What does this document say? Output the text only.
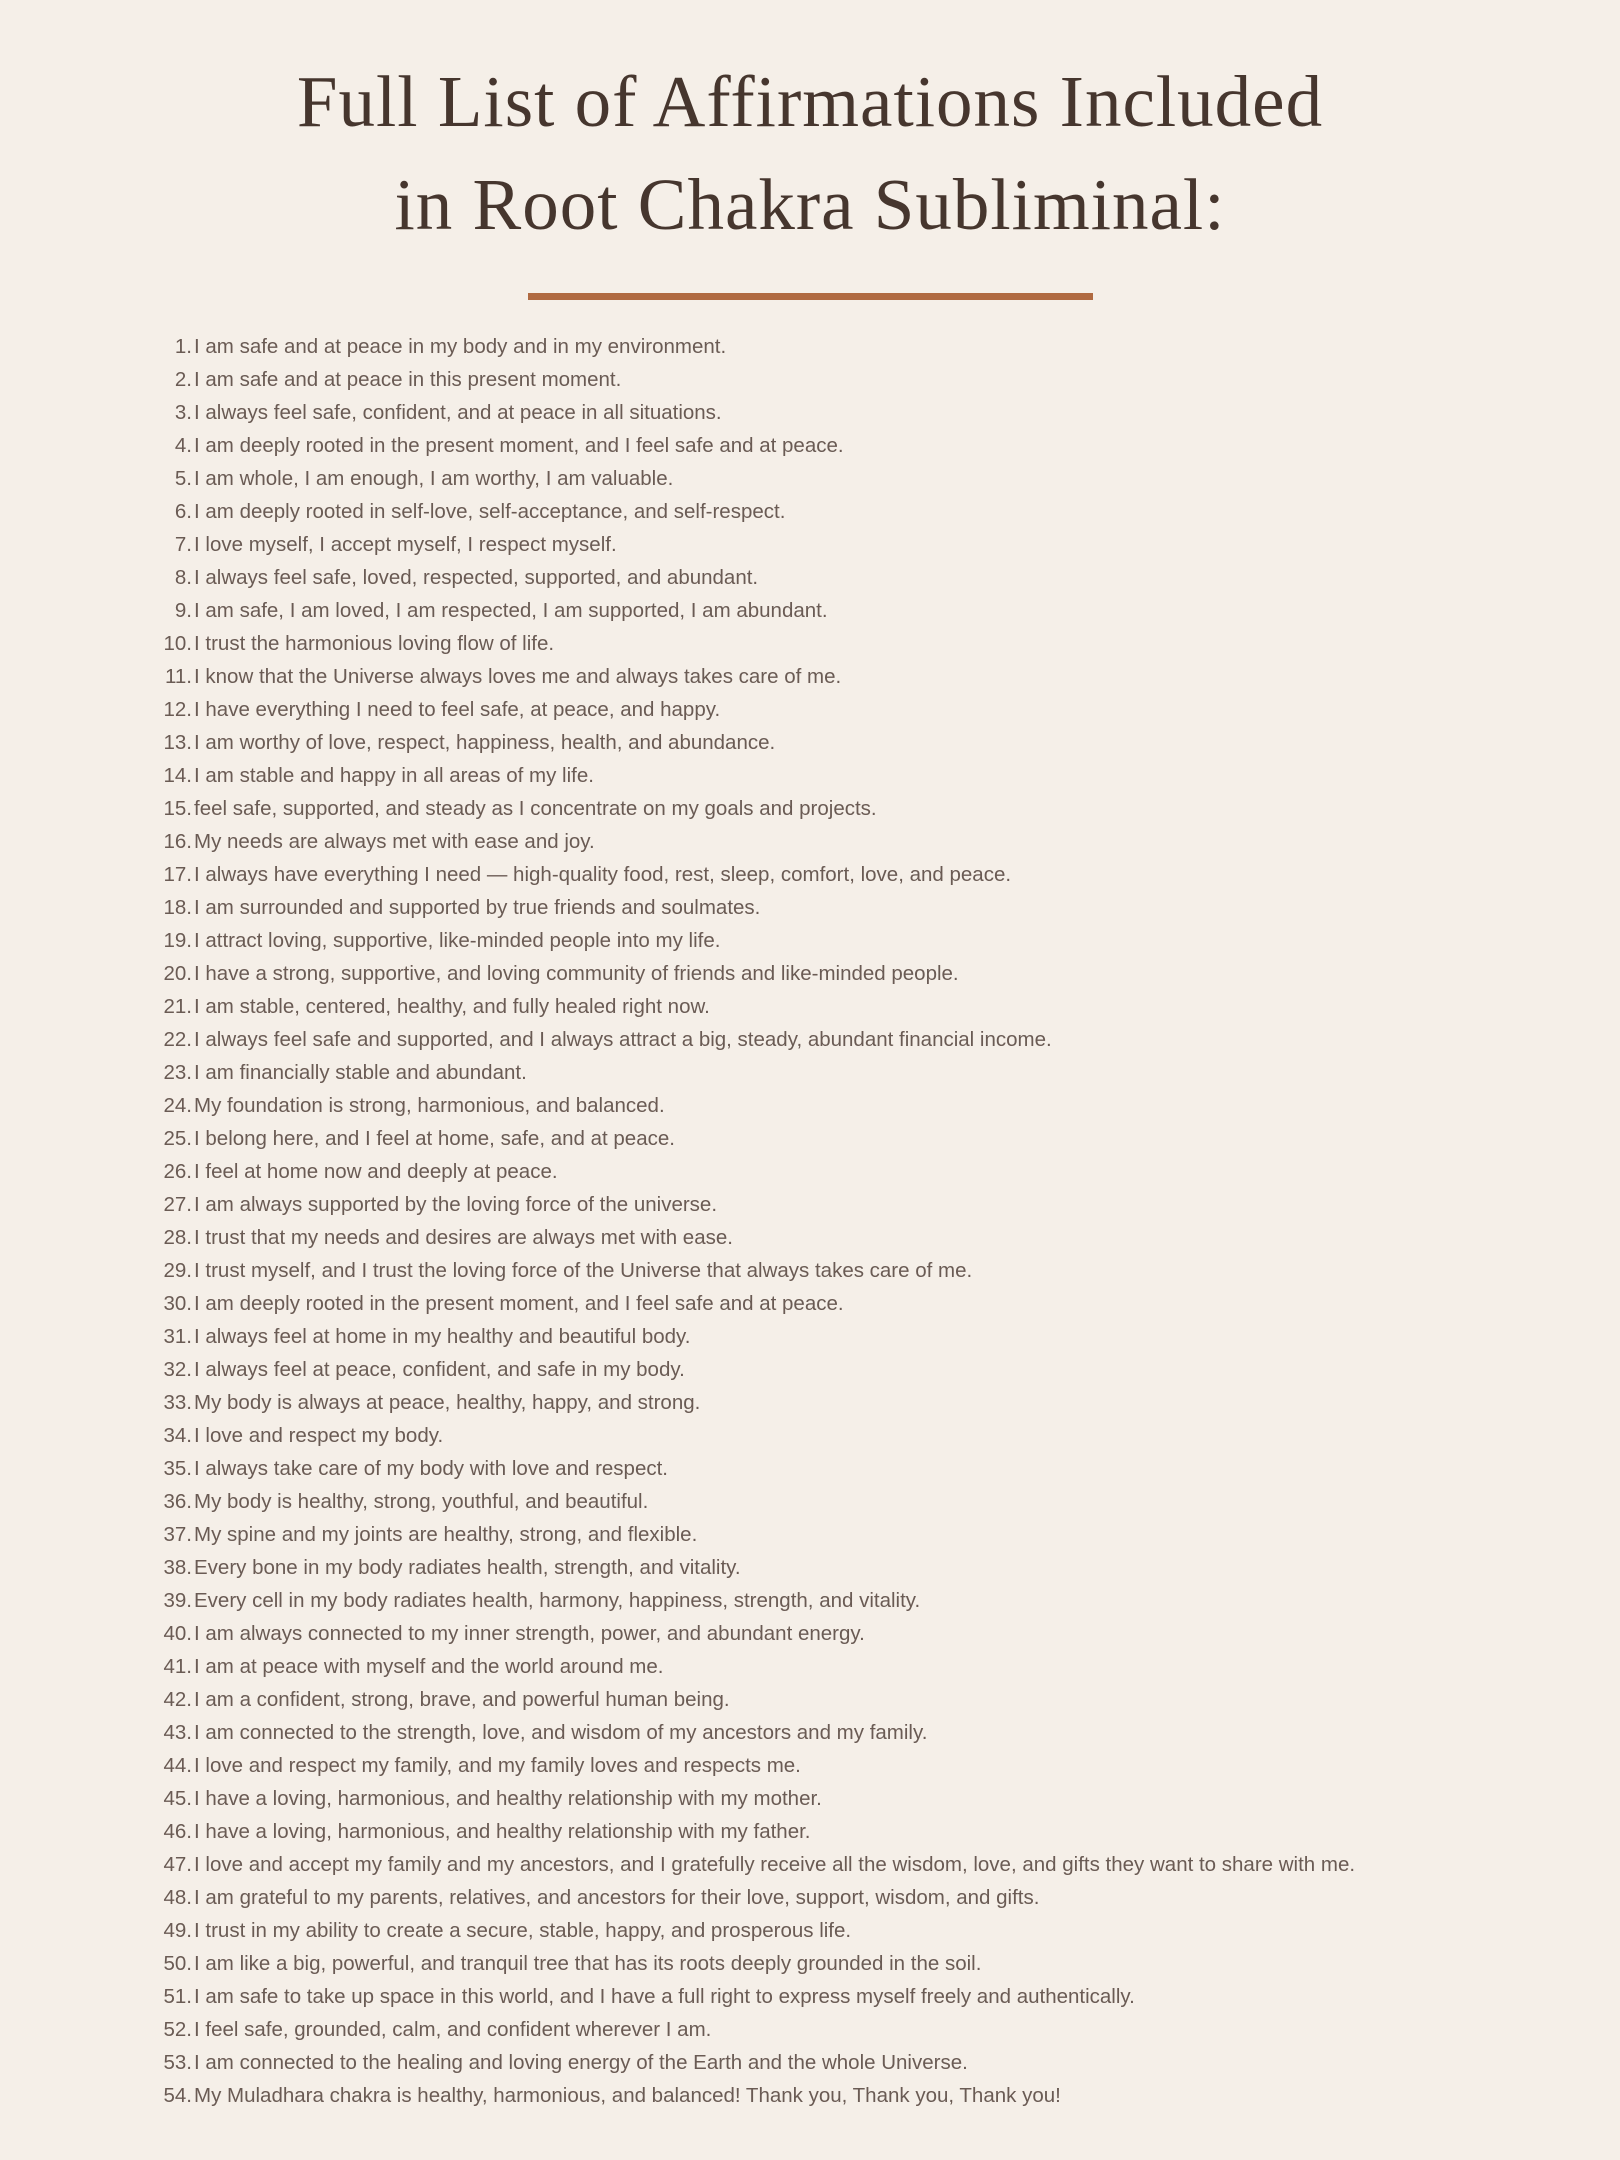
Full List of Affirmations Included
in Root Chakra Subliminal:
1. I am safe and at peace in my body and in my environment.
2. I am safe and at peace in this present moment.
3. I always feel safe, confident, and at peace in all situations.
4. I am deeply rooted in the present moment, and I feel safe and at peace.
5. I am whole, I am enough, I am worthy, I am valuable.
6. I am deeply rooted in self-love, self-acceptance, and self-respect.
7. I love myself, I accept myself, I respect myself.
8. I always feel safe, loved, respected, supported, and abundant.
9. I am safe, I am loved, I am respected, I am supported, I am abundant.
10. I trust the harmonious loving flow of life.
11. I know that the Universe always loves me and always takes care of me.
12. I have everything I need to feel safe, at peace, and happy.
13. I am worthy of love, respect, happiness, health, and abundance.
14. I am stable and happy in all areas of my life.
15. feel safe, supported, and steady as I concentrate on my goals and projects.
16. My needs are always met with ease and joy.
17. I always have everything I need — high-quality food, rest, sleep, comfort, love, and peace.
18. I am surrounded and supported by true friends and soulmates.
19. I attract loving, supportive, like-minded people into my life.
20. I have a strong, supportive, and loving community of friends and like-minded people.
21. I am stable, centered, healthy, and fully healed right now.
22. I always feel safe and supported, and I always attract a big, steady, abundant financial income.
23. I am financially stable and abundant.
24. My foundation is strong, harmonious, and balanced.
25. I belong here, and I feel at home, safe, and at peace.
26. I feel at home now and deeply at peace.
27. I am always supported by the loving force of the universe.
28. I trust that my needs and desires are always met with ease.
29. I trust myself, and I trust the loving force of the Universe that always takes care of me.
30. I am deeply rooted in the present moment, and I feel safe and at peace.
31. I always feel at home in my healthy and beautiful body.
32. I always feel at peace, confident, and safe in my body.
33. My body is always at peace, healthy, happy, and strong.
34. I love and respect my body.
35. I always take care of my body with love and respect.
36. My body is healthy, strong, youthful, and beautiful.
37. My spine and my joints are healthy, strong, and flexible.
38. Every bone in my body radiates health, strength, and vitality.
39. Every cell in my body radiates health, harmony, happiness, strength, and vitality.
40. I am always connected to my inner strength, power, and abundant energy.
41. I am at peace with myself and the world around me.
42. I am a confident, strong, brave, and powerful human being.
43. I am connected to the strength, love, and wisdom of my ancestors and my family.
44. I love and respect my family, and my family loves and respects me.
45. I have a loving, harmonious, and healthy relationship with my mother.
46. I have a loving, harmonious, and healthy relationship with my father.
47. I love and accept my family and my ancestors, and I gratefully receive all the wisdom, love, and gifts they want to share with me.
48. I am grateful to my parents, relatives, and ancestors for their love, support, wisdom, and gifts.
49. I trust in my ability to create a secure, stable, happy, and prosperous life.
50. I am like a big, powerful, and tranquil tree that has its roots deeply grounded in the soil.
51. I am safe to take up space in this world, and I have a full right to express myself freely and authentically.
52. I feel safe, grounded, calm, and confident wherever I am.
53. I am connected to the healing and loving energy of the Earth and the whole Universe.
54. My Muladhara chakra is healthy, harmonious, and balanced! Thank you, Thank you, Thank you!
